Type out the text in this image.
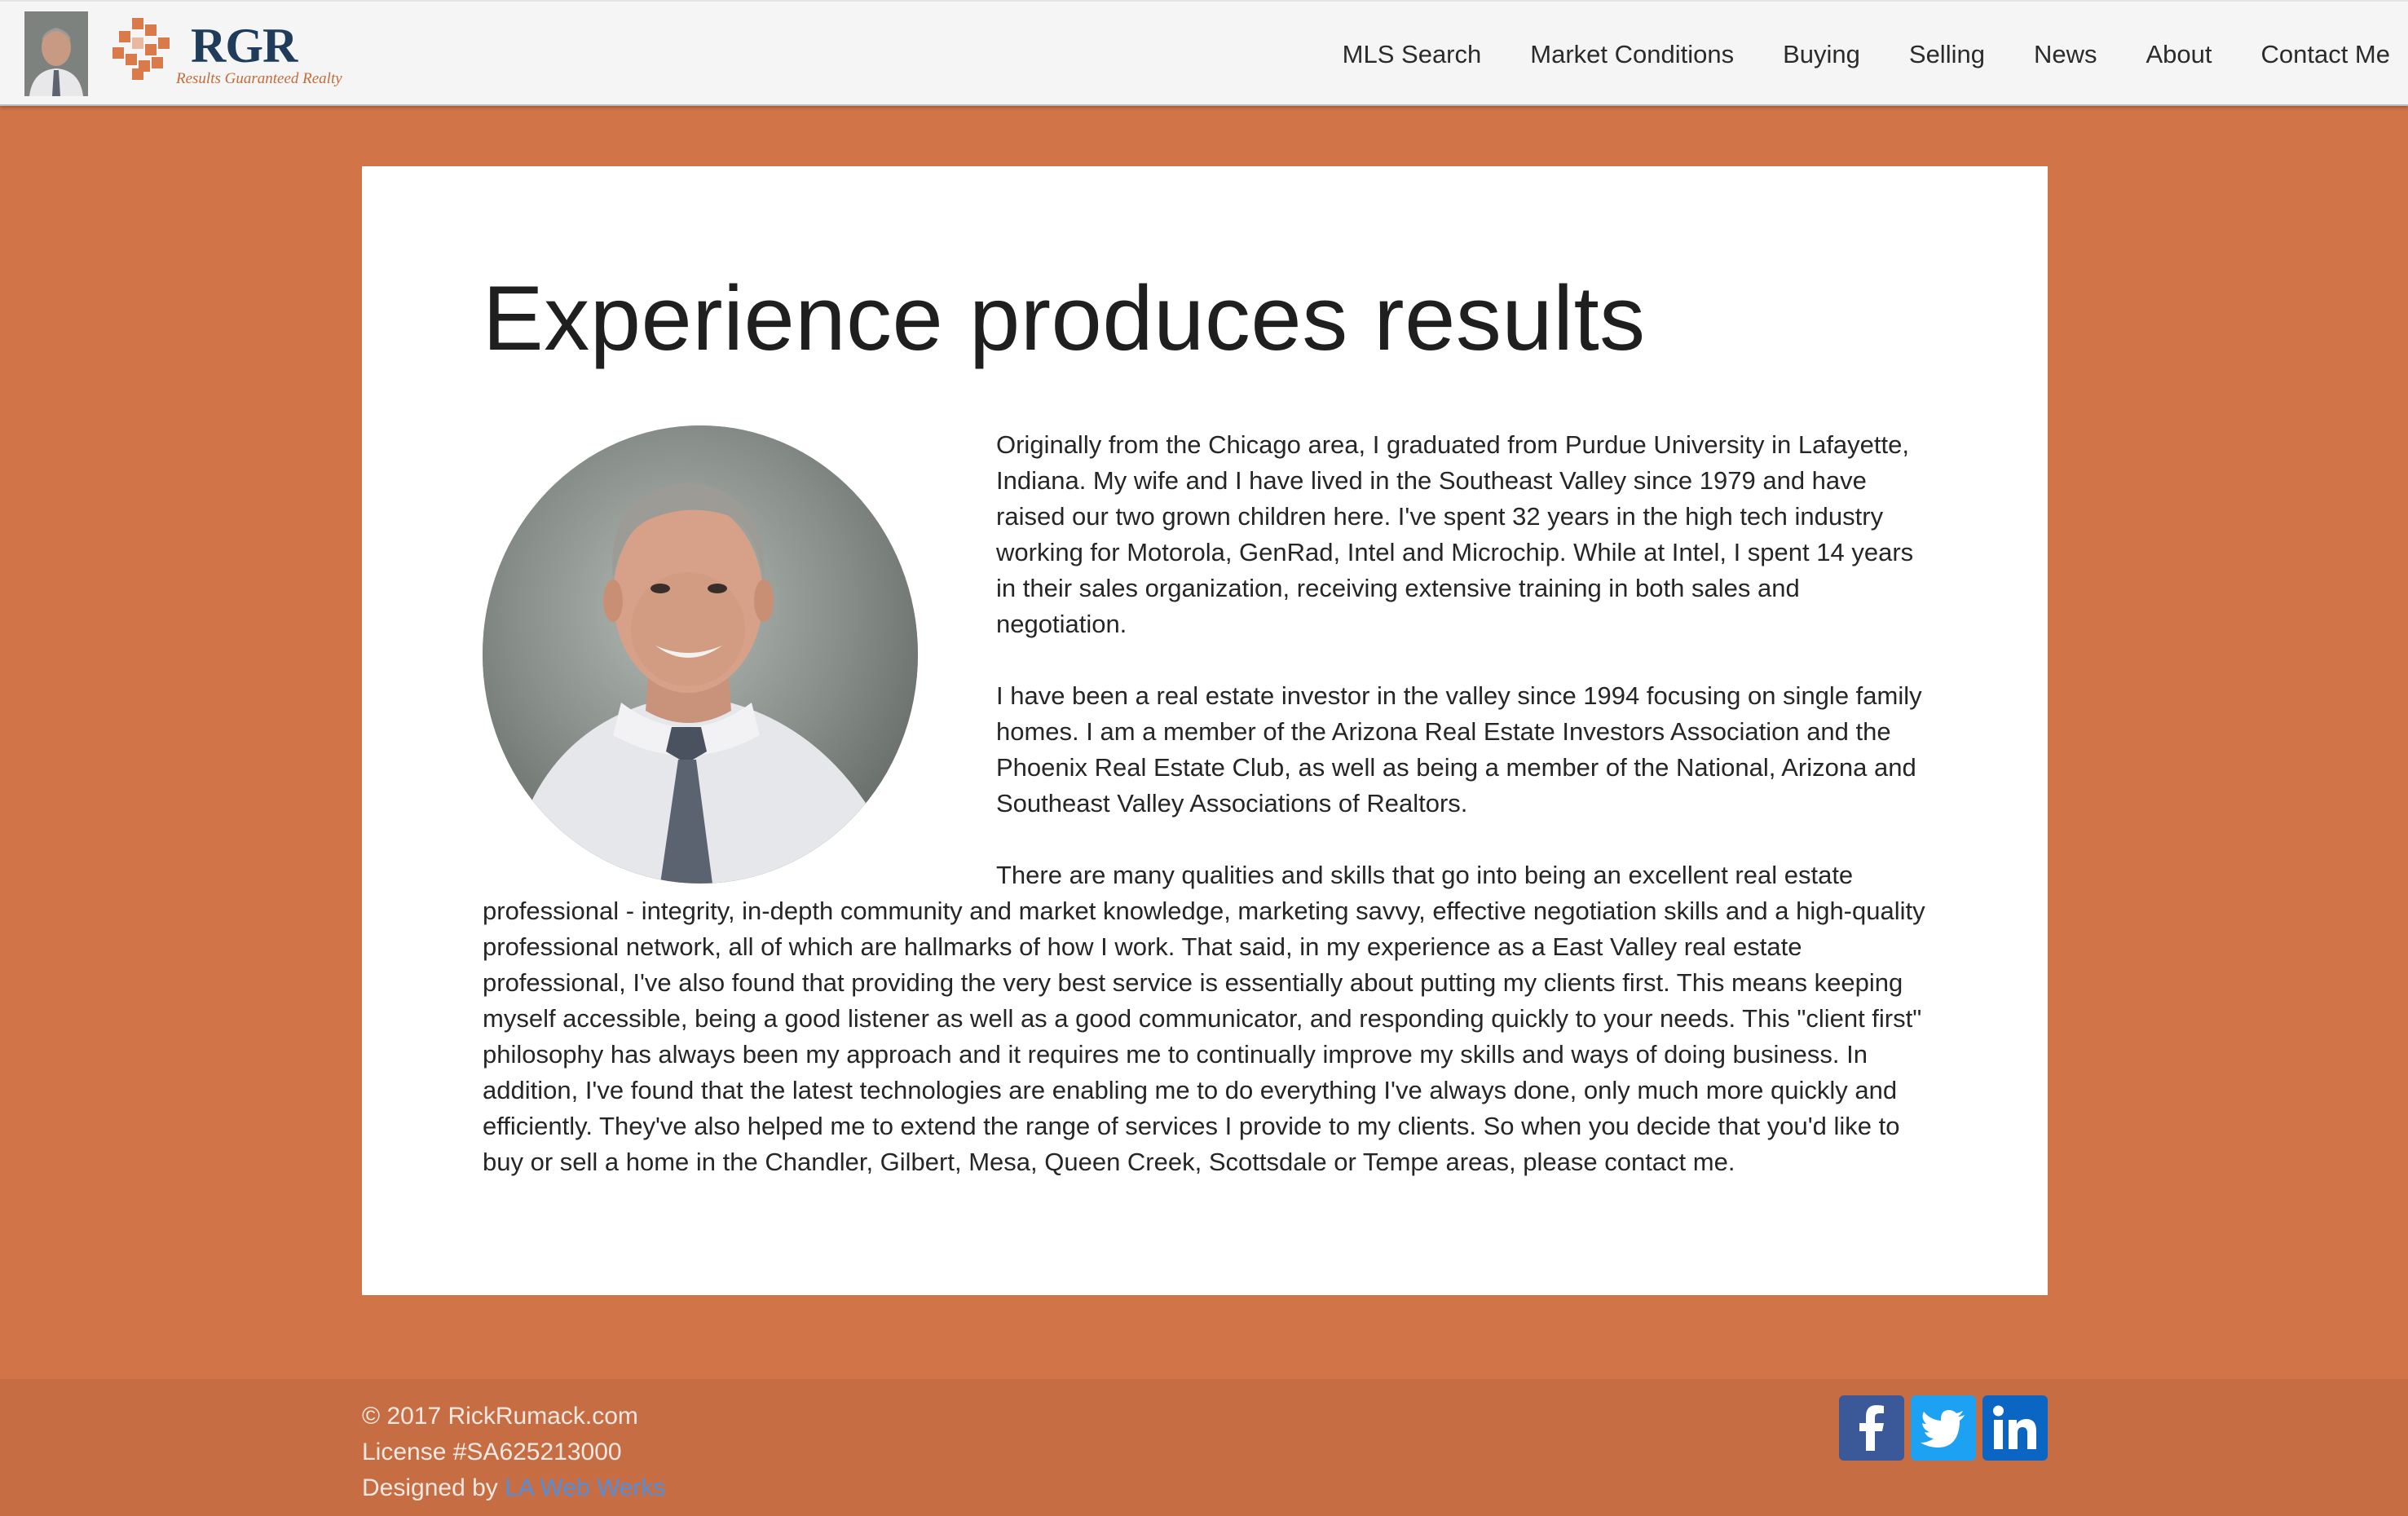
RGR
Results Guaranteed Realty
MLS Search Market Conditions Buying Selling News About Contact Me
Experience produces results

Originally from the Chicago area, I graduated from Purdue University in Lafayette, Indiana. My wife and I have lived in the Southeast Valley since 1979 and have raised our two grown children here. I've spent 32 years in the high tech industry working for Motorola, GenRad, Intel and Microchip. While at Intel, I spent 14 years in their sales organization, receiving extensive training in both sales and negotiation.

I have been a real estate investor in the valley since 1994 focusing on single family homes. I am a member of the Arizona Real Estate Investors Association and the Phoenix Real Estate Club, as well as being a member of the National, Arizona and Southeast Valley Associations of Realtors.

There are many qualities and skills that go into being an excellent real estate professional - integrity, in-depth community and market knowledge, marketing savvy, effective negotiation skills and a high-quality professional network, all of which are hallmarks of how I work. That said, in my experience as a East Valley real estate professional, I've also found that providing the very best service is essentially about putting my clients first. This means keeping myself accessible, being a good listener as well as a good communicator, and responding quickly to your needs. This "client first" philosophy has always been my approach and it requires me to continually improve my skills and ways of doing business. In addition, I've found that the latest technologies are enabling me to do everything I've always done, only much more quickly and efficiently. They've also helped me to extend the range of services I provide to my clients. So when you decide that you'd like to buy or sell a home in the Chandler, Gilbert, Mesa, Queen Creek, Scottsdale or Tempe areas, please contact me.

© 2017 RickRumack.com
License #SA625213000
Designed by LA Web Werks
